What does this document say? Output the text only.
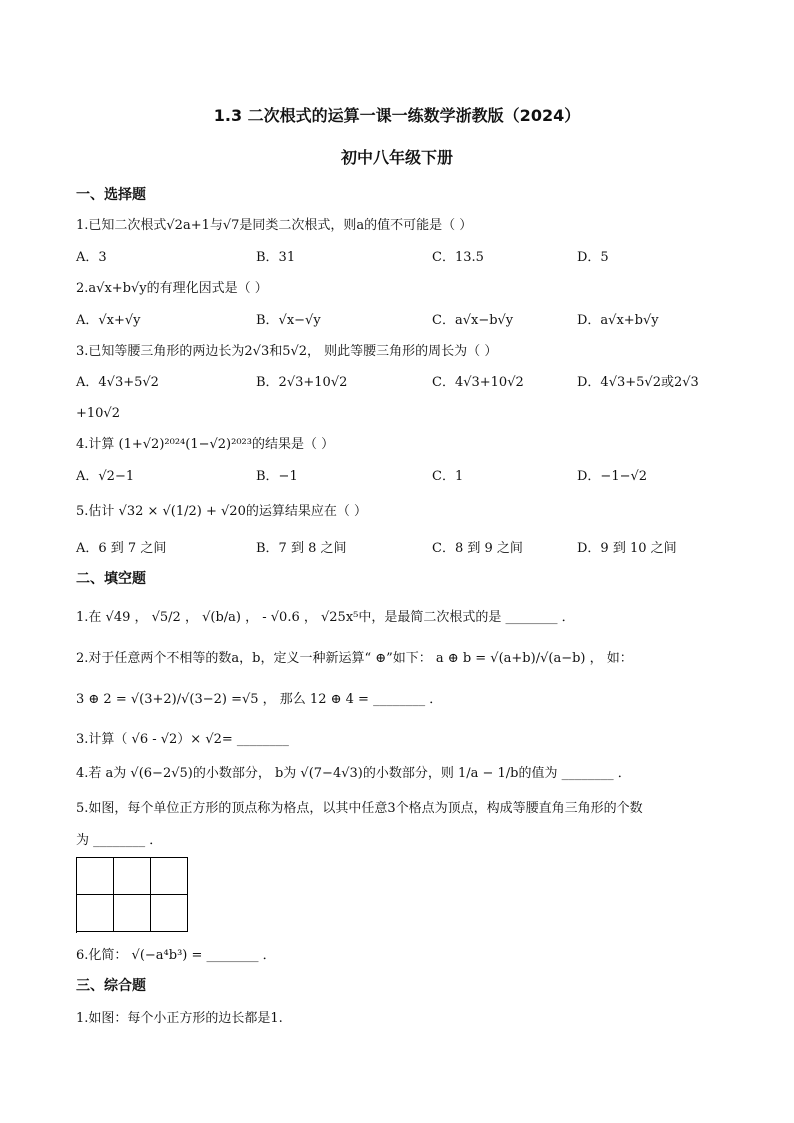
1.3 二次根式的运算一课一练数学浙教版（2024）
初中八年级下册
一、选择题
1.已知二次根式√2a+1与√7是同类二次根式，则a的值不可能是（ ）
A．3	B．31	C．13.5	D．5
2.a√x+b√y的有理化因式是（ ）
A．√x+√y	B．√x−√y	C．a√x−b√y	D．a√x+b√y
3.已知等腰三角形的两边长为2√3和5√2， 则此等腰三角形的周长为（ ）
A．4√3+5√2	B．2√3+10√2	C．4√3+10√2	D．4√3+5√2或2√3
+10√2
4.计算 (1+√2)²⁰²⁴(1−√2)²⁰²³的结果是（ ）
A．√2−1	B．−1	C．1	D．−1−√2
5.估计 √32 × √(1/2) + √20的运算结果应在（ ）
A．6 到 7 之间	B．7 到 8 之间	C．8 到 9 之间	D．9 到 10 之间
二、填空题
1.在 √49 ， √5/2 ， √(b/a) ， - √0.6 ， √25x⁵中，是最简二次根式的是 ________ ．
2.对于任意两个不相等的数a，b，定义一种新运算“ ⊕”如下： a ⊕ b = √(a+b)/√(a−b) ， 如：
3 ⊕ 2 = √(3+2)/√(3−2) =√5 ， 那么 12 ⊕ 4 = ________ ．
3.计算（ √6 - √2）× √2= ________
4.若 a为 √(6−2√5)的小数部分， b为 √(7−4√3)的小数部分，则 1/a − 1/b的值为 ________ ．
5.如图，每个单位正方形的顶点称为格点，以其中任意3个格点为顶点，构成等腰直角三角形的个数
为 ________ ．
6.化简： √(−a⁴b³) = ________ ．
三、综合题
1.如图：每个小正方形的边长都是1.
